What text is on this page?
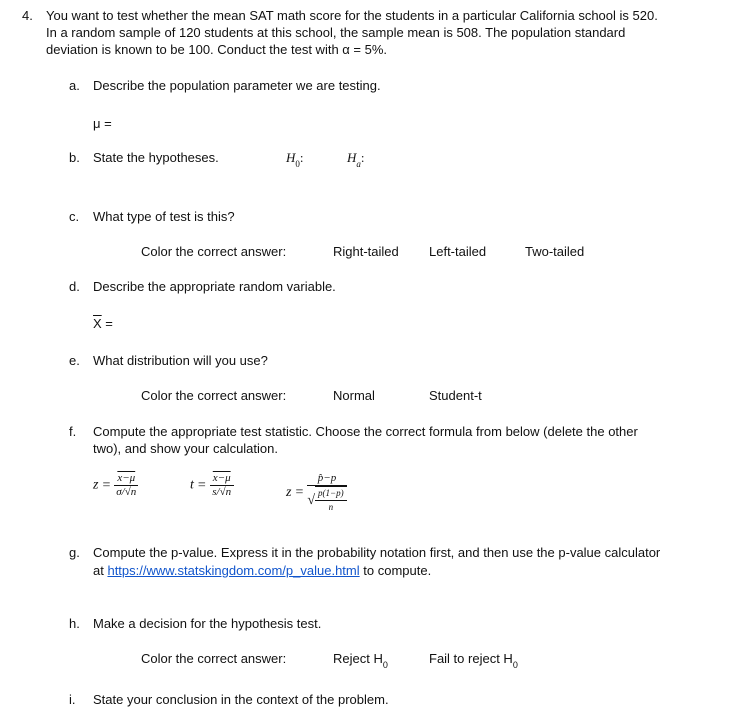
4. You want to test whether the mean SAT math score for the students in a particular California school is 520.
In a random sample of 120 students at this school, the sample mean is 508. The population standard
deviation is known to be 100. Conduct the test with α = 5%.
a. Describe the population parameter we are testing.
μ =
b. State the hypotheses.	$H_0$:	$H_a$:
c. What type of test is this?
Color the correct answer:	Right-tailed Left-tailed	Two-tailed
d. Describe the appropriate random variable.
$\overline{X}$ =
e. What distribution will you use?
Color the correct answer:	Normal	Student-t
f. Compute the appropriate test statistic. Choose the correct formula from below (delete the other
two), and show your calculation.
$z = \frac{x-\mu}{\sigma/√n}$	$t = \frac{x-\mu}{s/√n}$	$z = \frac{p̂-p}{√ \frac{p(1-p)}{n}}$
g. Compute the p-value. Express it in the probability notation first, and then use the p-value calculator
at https://www.statskingdom.com/p_value.html to compute.
h. Make a decision for the hypothesis test.
Color the correct answer:	Reject $H_0$	Fail to reject $H_0$
i. State your conclusion in the context of the problem.
